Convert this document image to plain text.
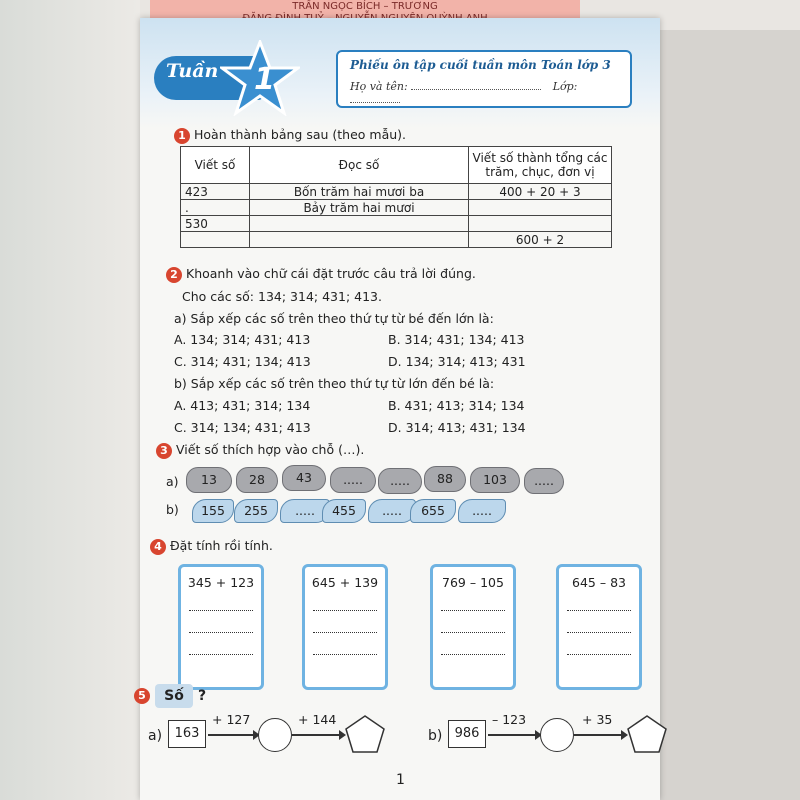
TRẦN NGỌC BÍCH – TRƯƠNG
Tuần 1	Phiếu ôn tập cuối tuần môn Toán lớp 3
Họ và tên:	Lớp:
1 Hoàn thành bảng sau (theo mẫu).
Viết số	Đọc số	Viết số thành tổng các trăm, chục, đơn vị
423	Bốn trăm hai mươi ba	400 + 20 + 3
.	Bảy trăm hai mươi	
530		
		600 + 2
2 Khoanh vào chữ cái đặt trước câu trả lời đúng.
Cho các số: 134; 314; 431; 413.
a) Sắp xếp các số trên theo thứ tự từ bé đến lớn là:
A. 134; 314; 431; 413	B. 314; 431; 134; 413
C. 314; 431; 134; 413	D. 134; 314; 413; 431
b) Sắp xếp các số trên theo thứ tự từ lớn đến bé là:
A. 413; 431; 314; 134	B. 431; 413; 314; 134
C. 314; 134; 431; 413	D. 314; 413; 431; 134
3 Viết số thích hợp vào chỗ (…).
a)	13	28	43	.....	.....	88	103	.....
b)	155	255	.....	455	.....	655	.....
4 Đặt tính rồi tính.
345 + 123	645 + 139	769 – 105	645 – 83
5	Số	?
a) 163
+ 127	+ 144
b) 986
– 123	+ 35
1
